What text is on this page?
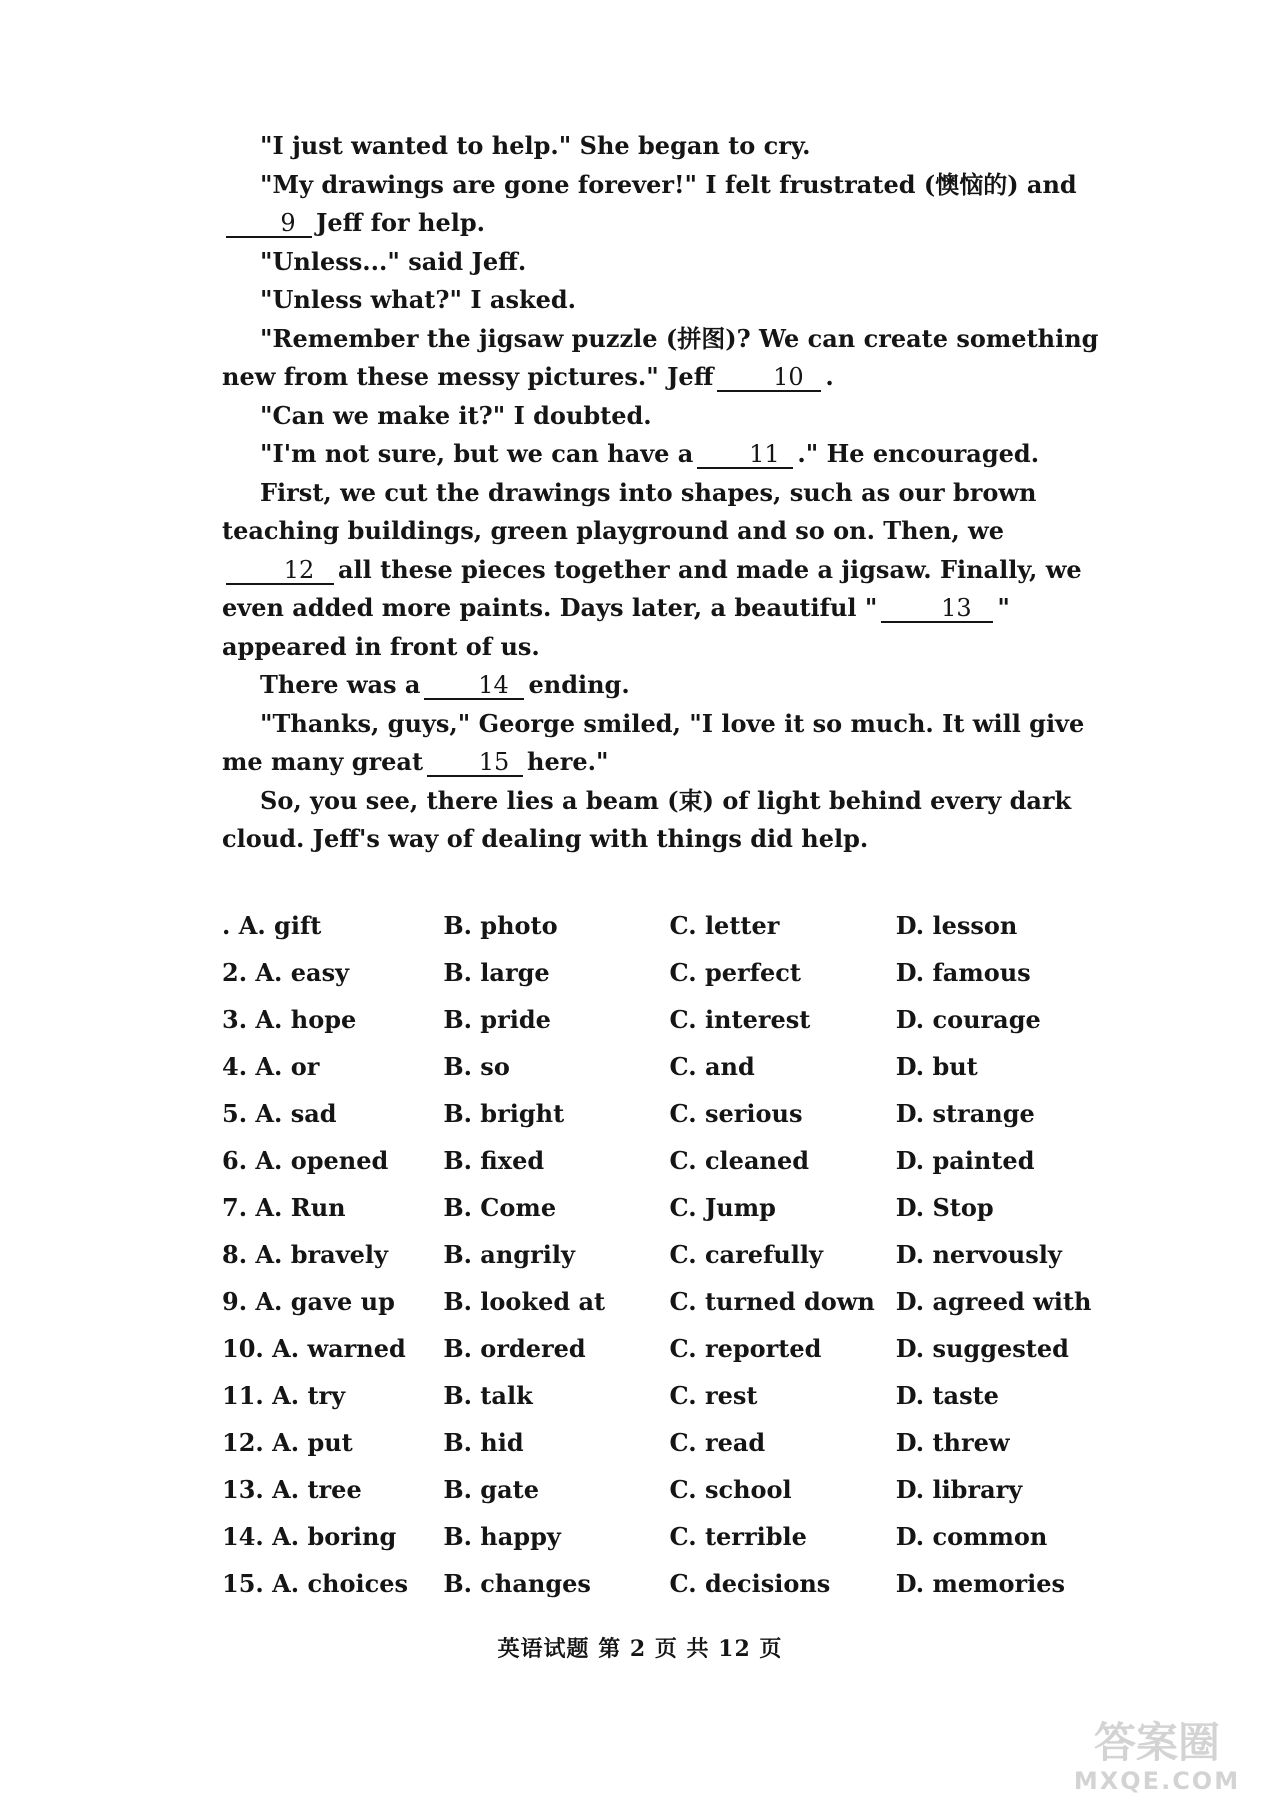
"I just wanted to help." She began to cry.

"My drawings are gone forever!" I felt frustrated (懊恼的) and9 Jeff for help.

"Unless..." said Jeff.

"Unless what?" I asked.

"Remember the jigsaw puzzle (拼图)? We can create something new from these messy pictures." Jeff 10 .

"Can we make it?" I doubted.

"I'm not sure, but we can have a 11 ." He encouraged.

First, we cut the drawings into shapes, such as our brown teaching buildings, green playground and so on. Then, we12 all these pieces together and made a jigsaw. Finally, we even added more paints. Days later, a beautiful "	13 " appeared in front of us.

There was a 14 ending.

"Thanks, guys," George smiled, "I love it so much. It will give me many great 15 here."

So, you see, there lies a beam (束) of light behind every dark cloud. Jeff's way of dealing with things did help.

. A. gift	B. photo	C. letter	D. lesson
2. A. easy	B. large	C. perfect	D. famous
3. A. hope	B. pride	C. interest	D. courage
4. A. or	B. so	C. and	D. but
5. A. sad	B. bright	C. serious	D. strange
6. A. opened	B. fixed	C. cleaned	D. painted
7. A. Run	B. Come	C. Jump	D. Stop
8. A. bravely	B. angrily	C. carefully	D. nervously
9. A. gave up	B. looked at	C. turned down D. agreed with
10. A. warned	B. ordered	C. reported	D. suggested
11. A. try	B. talk	C. rest	D. taste
12. A. put	B. hid	C. read	D. threw
13. A. tree	B. gate	C. school	D. library
14. A. boring	B. happy	C. terrible	D. common
15. A. choices	B. changes	C. decisions	D. memories
英语试题 第 2 页 共 12 页
答案圈
MXQE.COM
